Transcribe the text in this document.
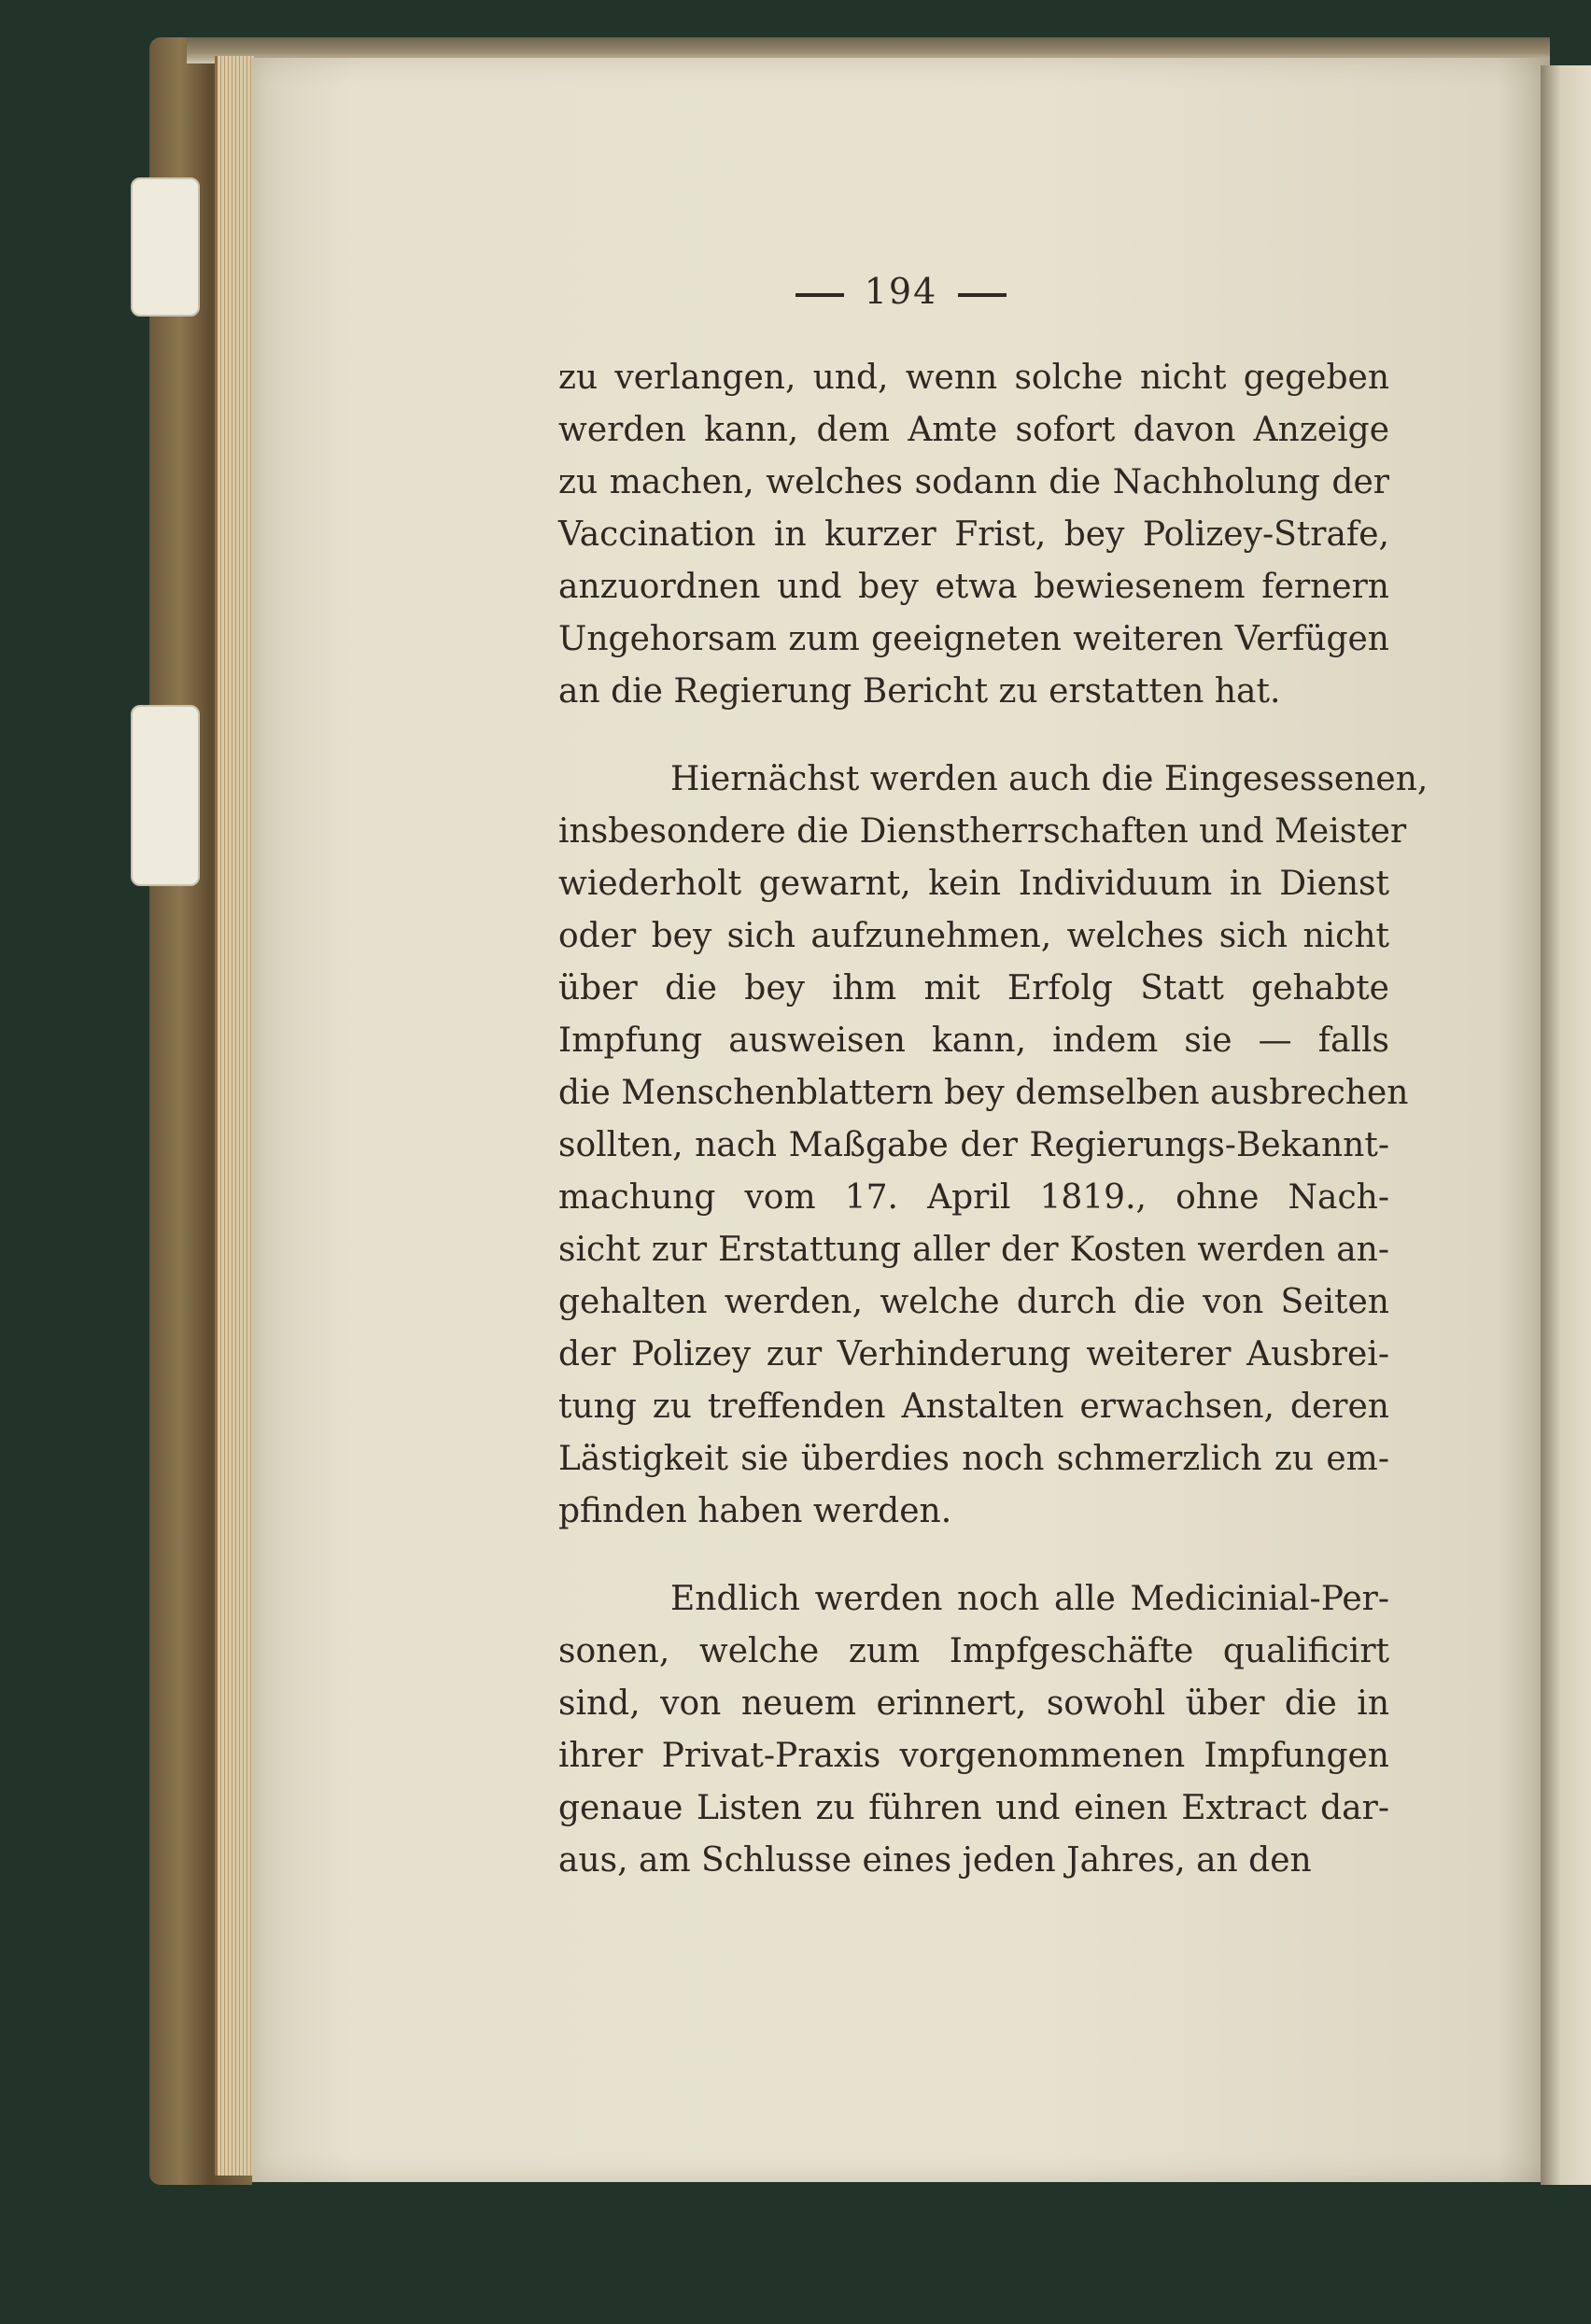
194
zu verlangen, und, wenn solche nicht gegeben
werden kann, dem Amte sofort davon Anzeige
zu machen, welches sodann die Nachholung der
Vaccination in kurzer Frist, bey Polizey-Strafe,
anzuordnen und bey etwa bewiesenem fernern
Ungehorsam zum geeigneten weiteren Verfügen
an die Regierung Bericht zu erstatten hat.
Hiernächst werden auch die Eingesessenen,
insbesondere die Dienstherrschaften und Meister
wiederholt gewarnt, kein Individuum in Dienst
oder bey sich aufzunehmen, welches sich nicht
über die bey ihm mit Erfolg Statt gehabte
Impfung ausweisen kann, indem sie — falls
die Menschenblattern bey demselben ausbrechen
sollten, nach Maßgabe der Regierungs-Bekannt-
machung vom 17. April 1819., ohne Nach-
sicht zur Erstattung aller der Kosten werden an-
gehalten werden, welche durch die von Seiten
der Polizey zur Verhinderung weiterer Ausbrei-
tung zu treffenden Anstalten erwachsen, deren
Lästigkeit sie überdies noch schmerzlich zu em-
pfinden haben werden.
Endlich werden noch alle Medicinial-Per-
sonen, welche zum Impfgeschäfte qualificirt
sind, von neuem erinnert, sowohl über die in
ihrer Privat-Praxis vorgenommenen Impfungen
genaue Listen zu führen und einen Extract dar-
aus, am Schlusse eines jeden Jahres, an den
